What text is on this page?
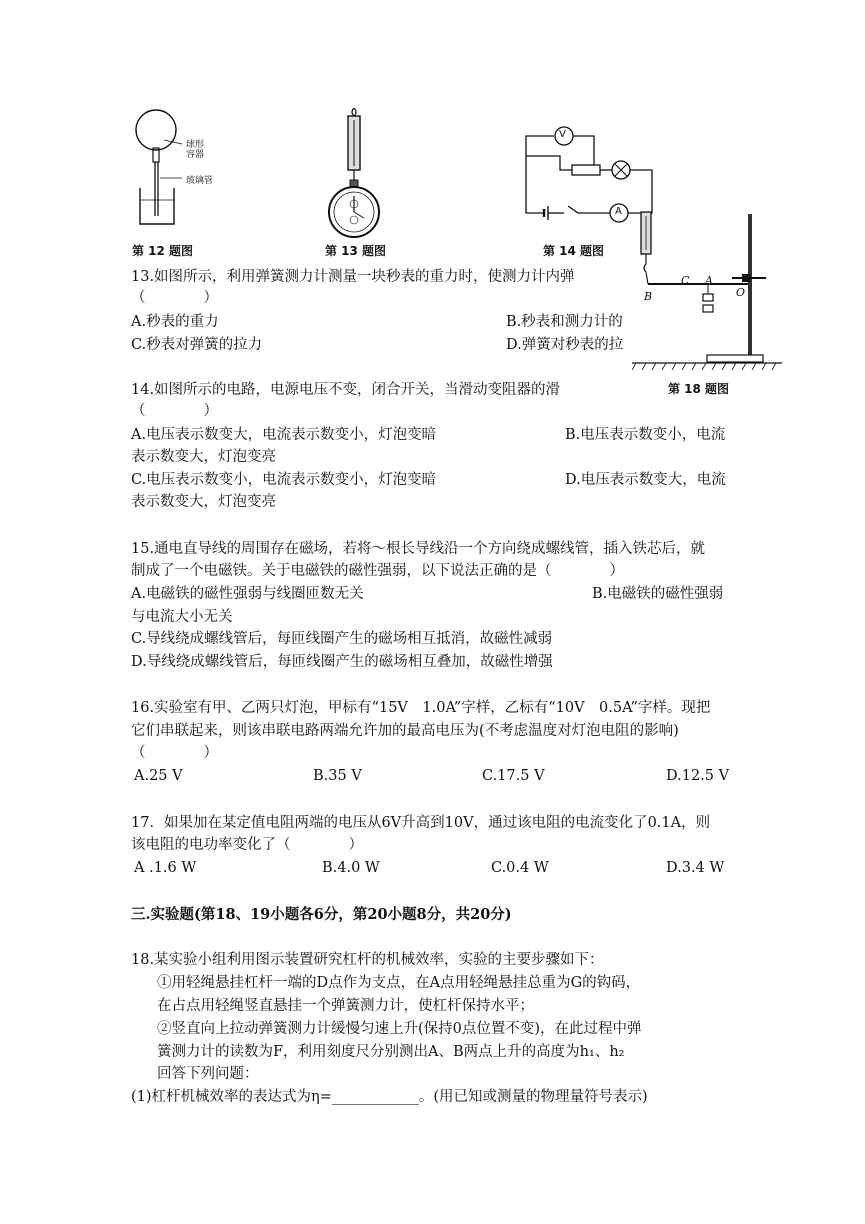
球形
容器
玻璃管
第 12 题图	第 13 题图
V
A
第 14 题图
C A
B	O
第 18 题图
13.如图所示，利用弹簧测力计测量一块秒表的重力时，使测力计内弹
（　　　　）
A.秒表的重力	B.秒表和测力计的
C.秒表对弹簧的拉力	D.弹簧对秒表的拉
14.如图所示的电路，电源电压不变，闭合开关，当滑动变阻器的滑
（　　　　）
A.电压表示数变大，电流表示数变小，灯泡变暗	B.电压表示数变小，电流
表示数变大，灯泡变亮
C.电压表示数变小，电流表示数变小，灯泡变暗	D.电压表示数变大，电流
表示数变大，灯泡变亮
15.通电直导线的周围存在磁场，若将～根长导线沿一个方向绕成螺线管，插入铁芯后，就
制成了一个电磁铁。关于电磁铁的磁性强弱，以下说法正确的是（　　　　）
A.电磁铁的磁性强弱与线圈匝数无关	B.电磁铁的磁性强弱
与电流大小无关
C.导线绕成螺线管后，每匝线圈产生的磁场相互抵消，故磁性减弱
D.导线绕成螺线管后，每匝线圈产生的磁场相互叠加，故磁性增强
16.实验室有甲、乙两只灯泡，甲标有“15V　1.0A”字样，乙标有“10V　0.5A”字样。现把
它们串联起来，则该串联电路两端允许加的最高电压为(不考虑温度对灯泡电阻的影响)
（　　　　）
A.25 V	B.35 V	C.17.5 V	D.12.5 V
17．如果加在某定值电阻两端的电压从6V升高到10V，通过该电阻的电流变化了0.1A，则
该电阻的电功率变化了（　　　　）
A .1.6 W	B.4.0 W	C.0.4 W	D.3.4 W
三.实验题(第18、19小题各6分，第20小题8分，共20分)
18.某实验小组利用图示装置研究杠杆的机械效率，实验的主要步骤如下：
①用轻绳悬挂杠杆一端的D点作为支点，在A点用轻绳悬挂总重为G的钩码，
在占点用轻绳竖直悬挂一个弹簧测力计，使杠杆保持水平；
②竖直向上拉动弹簧测力计缓慢匀速上升(保持0点位置不变)，在此过程中弹
簧测力计的读数为F，利用刻度尺分别测出A、B两点上升的高度为h₁、h₂
回答下列问题：
(1)杠杆机械效率的表达式为η=____________。(用已知或测量的物理量符号表示)
